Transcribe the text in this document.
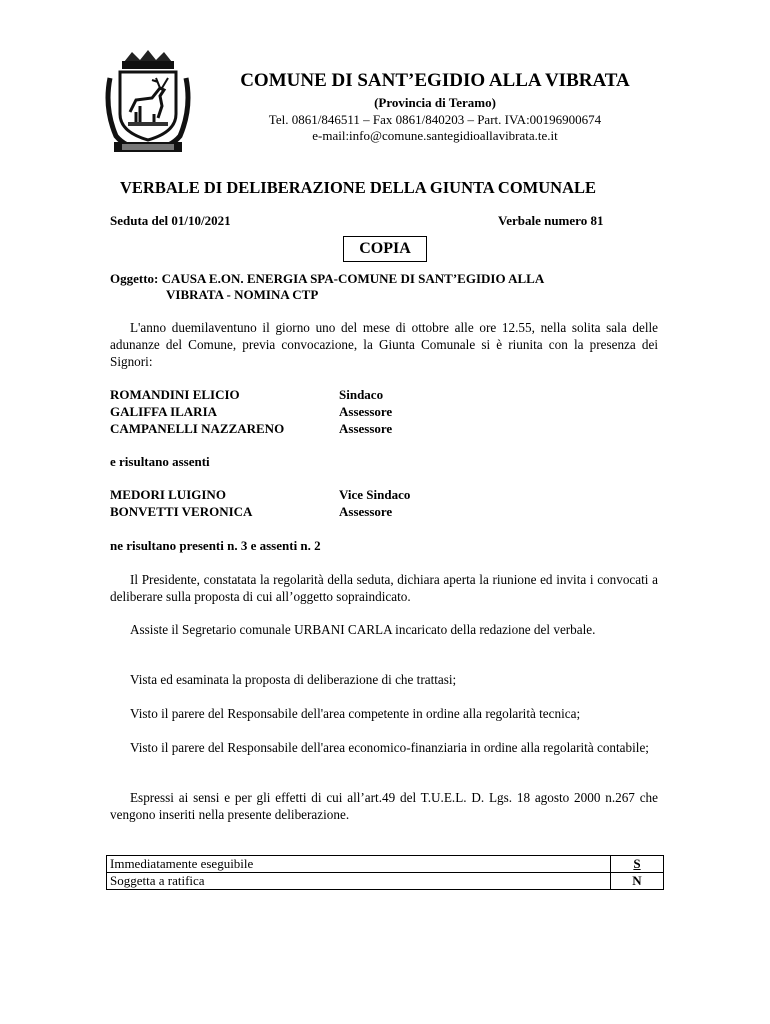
COMUNE DI SANT’EGIDIO ALLA VIBRATA
(Provincia di Teramo)
Tel. 0861/846511 – Fax 0861/840203 – Part. IVA:00196900674
e-mail:info@comune.santegidioallavibrata.te.it
VERBALE DI DELIBERAZIONE DELLA GIUNTA COMUNALE
Seduta del 01/10/2021	Verbale numero 81
COPIA
Oggetto: CAUSA E.ON. ENERGIA SPA-COMUNE DI SANT’EGIDIO ALLA
VIBRATA - NOMINA CTP

L'anno duemilaventuno il giorno uno del mese di ottobre alle ore 12.55, nella solita sala delle adunanze del Comune, previa convocazione, la Giunta Comunale si è riunita con la presenza dei Signori:

ROMANDINI ELICIO	Sindaco
GALIFFA ILARIA	Assessore
CAMPANELLI NAZZARENO	Assessore
e risultano assenti
MEDORI LUIGINO	Vice Sindaco
BONVETTI VERONICA	Assessore
ne risultano presenti n. 3 e assenti n. 2

Il Presidente, constatata la regolarità della seduta, dichiara aperta la riunione ed invita i convocati a deliberare sulla proposta di cui all’oggetto sopraindicato.

Assiste il Segretario comunale URBANI CARLA incaricato della redazione del verbale.

Vista ed esaminata la proposta di deliberazione di che trattasi;

Visto il parere del Responsabile dell'area competente in ordine alla regolarità tecnica;

Visto il parere del Responsabile dell'area economico-finanziaria in ordine alla regolarità contabile;

Espressi ai sensi e per gli effetti di cui all’art.49 del T.U.E.L. D. Lgs. 18 agosto 2000 n.267 che vengono inseriti nella presente deliberazione.

Immediatamente eseguibile	S
Soggetta a ratifica	N
